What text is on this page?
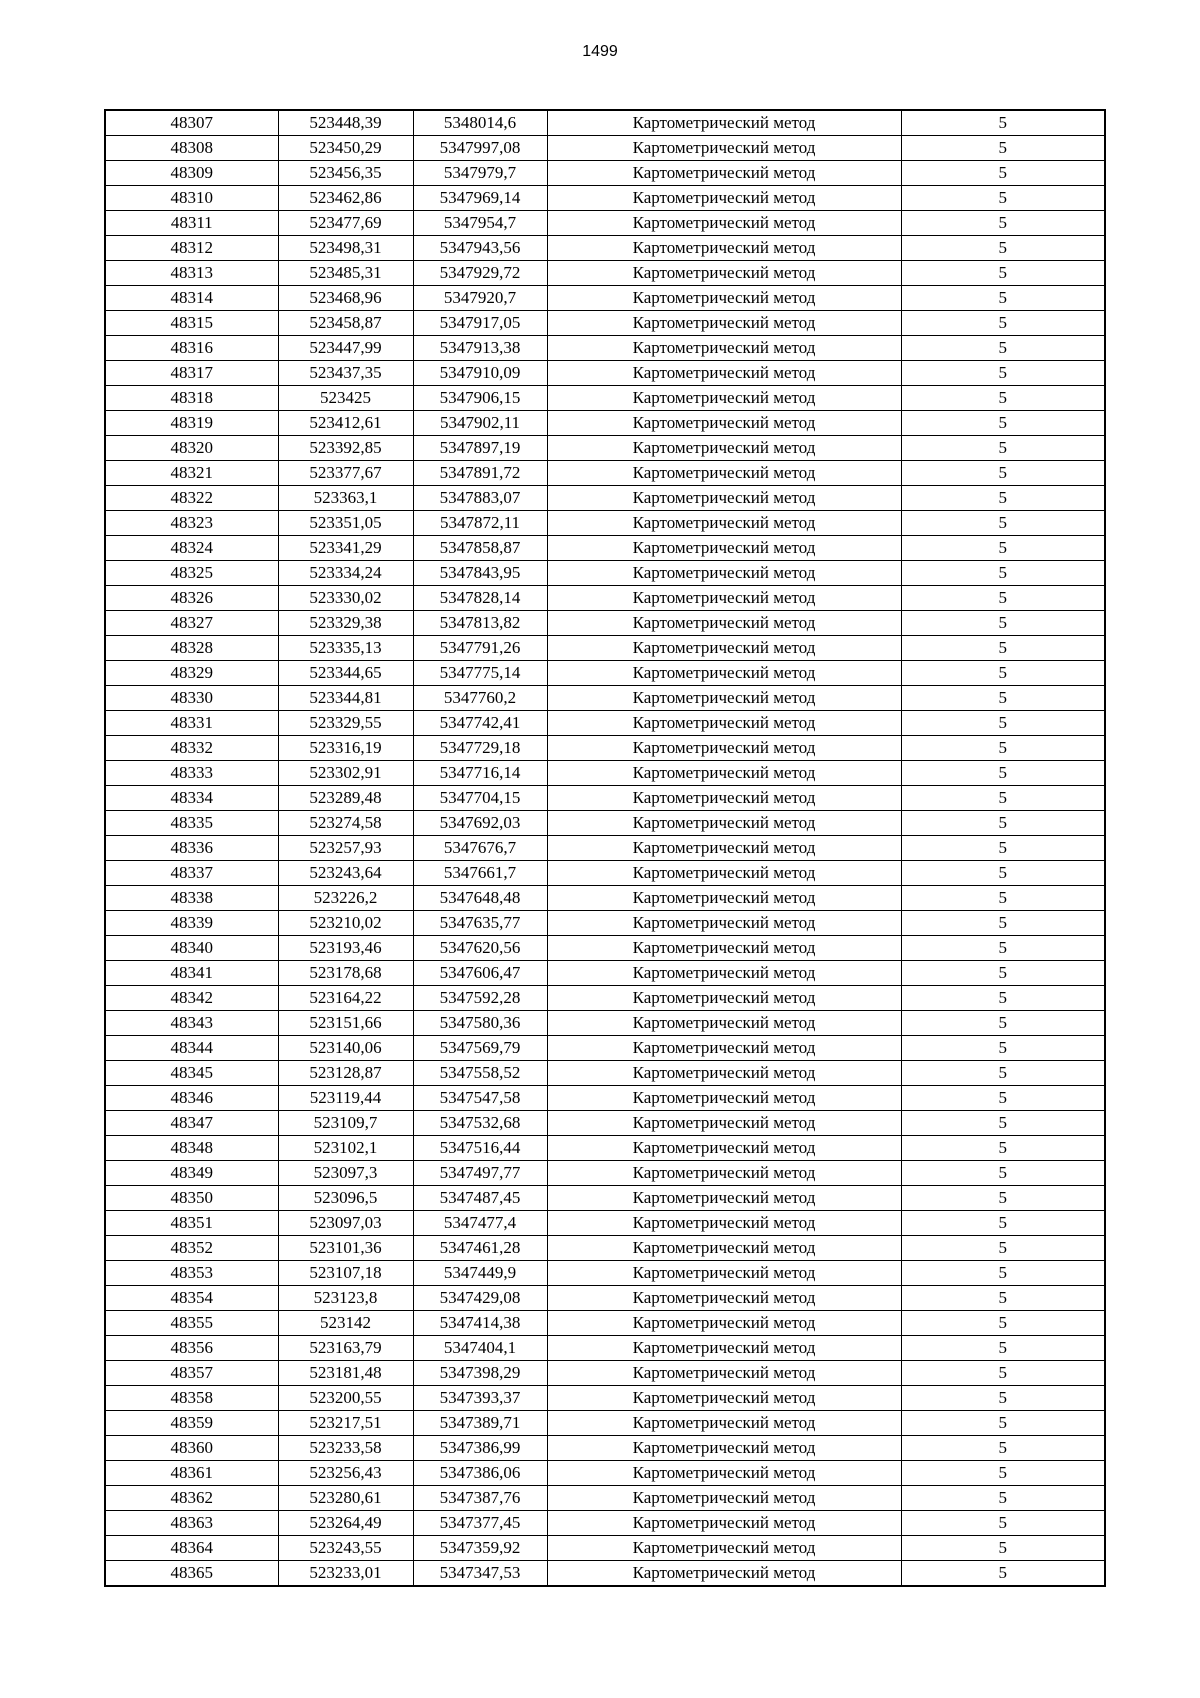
1499
48307	523448,39	5348014,6	Картометрический метод	5
48308	523450,29	5347997,08	Картометрический метод	5
48309	523456,35	5347979,7	Картометрический метод	5
48310	523462,86	5347969,14	Картометрический метод	5
48311	523477,69	5347954,7	Картометрический метод	5
48312	523498,31	5347943,56	Картометрический метод	5
48313	523485,31	5347929,72	Картометрический метод	5
48314	523468,96	5347920,7	Картометрический метод	5
48315	523458,87	5347917,05	Картометрический метод	5
48316	523447,99	5347913,38	Картометрический метод	5
48317	523437,35	5347910,09	Картометрический метод	5
48318	523425	5347906,15	Картометрический метод	5
48319	523412,61	5347902,11	Картометрический метод	5
48320	523392,85	5347897,19	Картометрический метод	5
48321	523377,67	5347891,72	Картометрический метод	5
48322	523363,1	5347883,07	Картометрический метод	5
48323	523351,05	5347872,11	Картометрический метод	5
48324	523341,29	5347858,87	Картометрический метод	5
48325	523334,24	5347843,95	Картометрический метод	5
48326	523330,02	5347828,14	Картометрический метод	5
48327	523329,38	5347813,82	Картометрический метод	5
48328	523335,13	5347791,26	Картометрический метод	5
48329	523344,65	5347775,14	Картометрический метод	5
48330	523344,81	5347760,2	Картометрический метод	5
48331	523329,55	5347742,41	Картометрический метод	5
48332	523316,19	5347729,18	Картометрический метод	5
48333	523302,91	5347716,14	Картометрический метод	5
48334	523289,48	5347704,15	Картометрический метод	5
48335	523274,58	5347692,03	Картометрический метод	5
48336	523257,93	5347676,7	Картометрический метод	5
48337	523243,64	5347661,7	Картометрический метод	5
48338	523226,2	5347648,48	Картометрический метод	5
48339	523210,02	5347635,77	Картометрический метод	5
48340	523193,46	5347620,56	Картометрический метод	5
48341	523178,68	5347606,47	Картометрический метод	5
48342	523164,22	5347592,28	Картометрический метод	5
48343	523151,66	5347580,36	Картометрический метод	5
48344	523140,06	5347569,79	Картометрический метод	5
48345	523128,87	5347558,52	Картометрический метод	5
48346	523119,44	5347547,58	Картометрический метод	5
48347	523109,7	5347532,68	Картометрический метод	5
48348	523102,1	5347516,44	Картометрический метод	5
48349	523097,3	5347497,77	Картометрический метод	5
48350	523096,5	5347487,45	Картометрический метод	5
48351	523097,03	5347477,4	Картометрический метод	5
48352	523101,36	5347461,28	Картометрический метод	5
48353	523107,18	5347449,9	Картометрический метод	5
48354	523123,8	5347429,08	Картометрический метод	5
48355	523142	5347414,38	Картометрический метод	5
48356	523163,79	5347404,1	Картометрический метод	5
48357	523181,48	5347398,29	Картометрический метод	5
48358	523200,55	5347393,37	Картометрический метод	5
48359	523217,51	5347389,71	Картометрический метод	5
48360	523233,58	5347386,99	Картометрический метод	5
48361	523256,43	5347386,06	Картометрический метод	5
48362	523280,61	5347387,76	Картометрический метод	5
48363	523264,49	5347377,45	Картометрический метод	5
48364	523243,55	5347359,92	Картометрический метод	5
48365	523233,01	5347347,53	Картометрический метод	5
